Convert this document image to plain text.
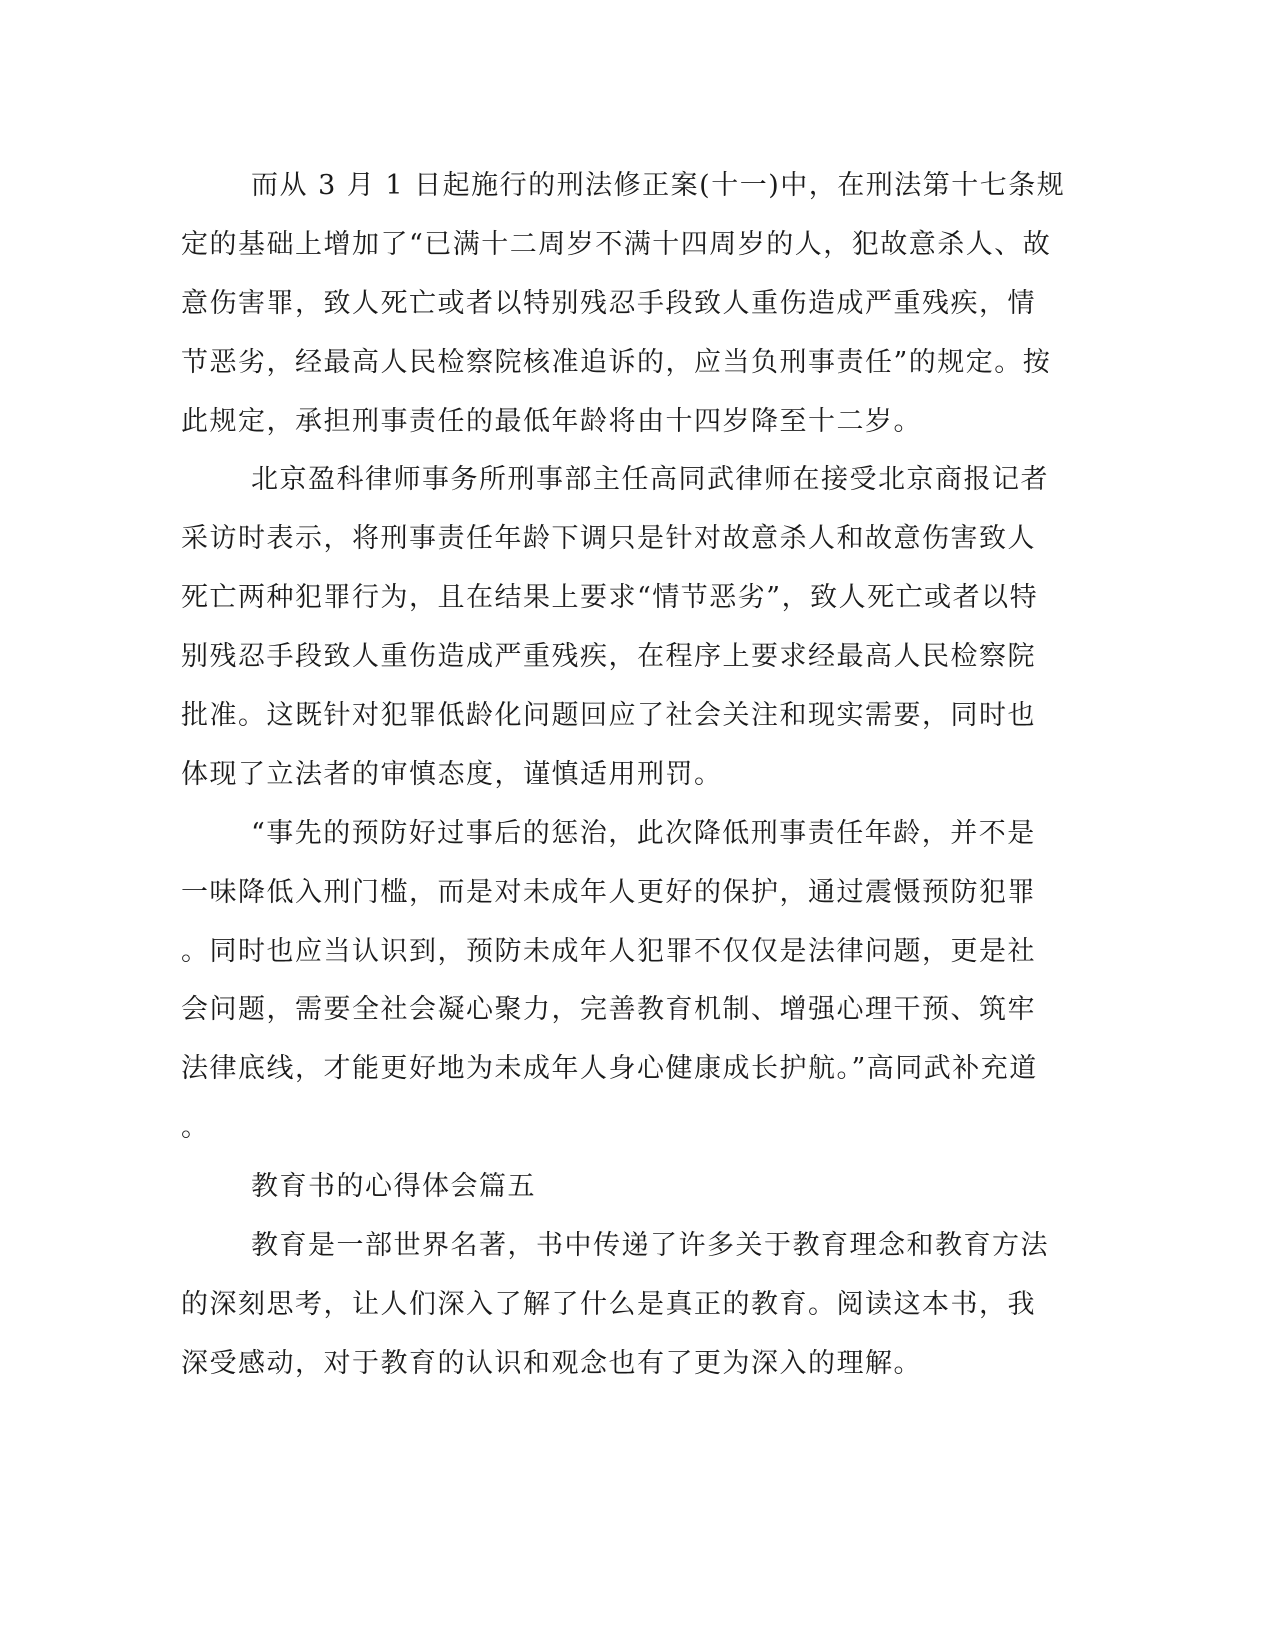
而从 3 月 1 日起施行的刑法修正案(十一)中，在刑法第十七条规
定的基础上增加了“已满十二周岁不满十四周岁的人，犯故意杀人、故
意伤害罪，致人死亡或者以特别残忍手段致人重伤造成严重残疾，情
节恶劣，经最高人民检察院核准追诉的，应当负刑事责任”的规定。按
此规定，承担刑事责任的最低年龄将由十四岁降至十二岁。
北京盈科律师事务所刑事部主任高同武律师在接受北京商报记者
采访时表示，将刑事责任年龄下调只是针对故意杀人和故意伤害致人
死亡两种犯罪行为，且在结果上要求“情节恶劣”，致人死亡或者以特
别残忍手段致人重伤造成严重残疾，在程序上要求经最高人民检察院
批准。这既针对犯罪低龄化问题回应了社会关注和现实需要，同时也
体现了立法者的审慎态度，谨慎适用刑罚。
“事先的预防好过事后的惩治，此次降低刑事责任年龄，并不是
一味降低入刑门槛，而是对未成年人更好的保护，通过震慑预防犯罪
。同时也应当认识到，预防未成年人犯罪不仅仅是法律问题，更是社
会问题，需要全社会凝心聚力，完善教育机制、增强心理干预、筑牢
法律底线，才能更好地为未成年人身心健康成长护航。”高同武补充道
。
教育书的心得体会篇五
教育是一部世界名著，书中传递了许多关于教育理念和教育方法
的深刻思考，让人们深入了解了什么是真正的教育。阅读这本书，我
深受感动，对于教育的认识和观念也有了更为深入的理解。
